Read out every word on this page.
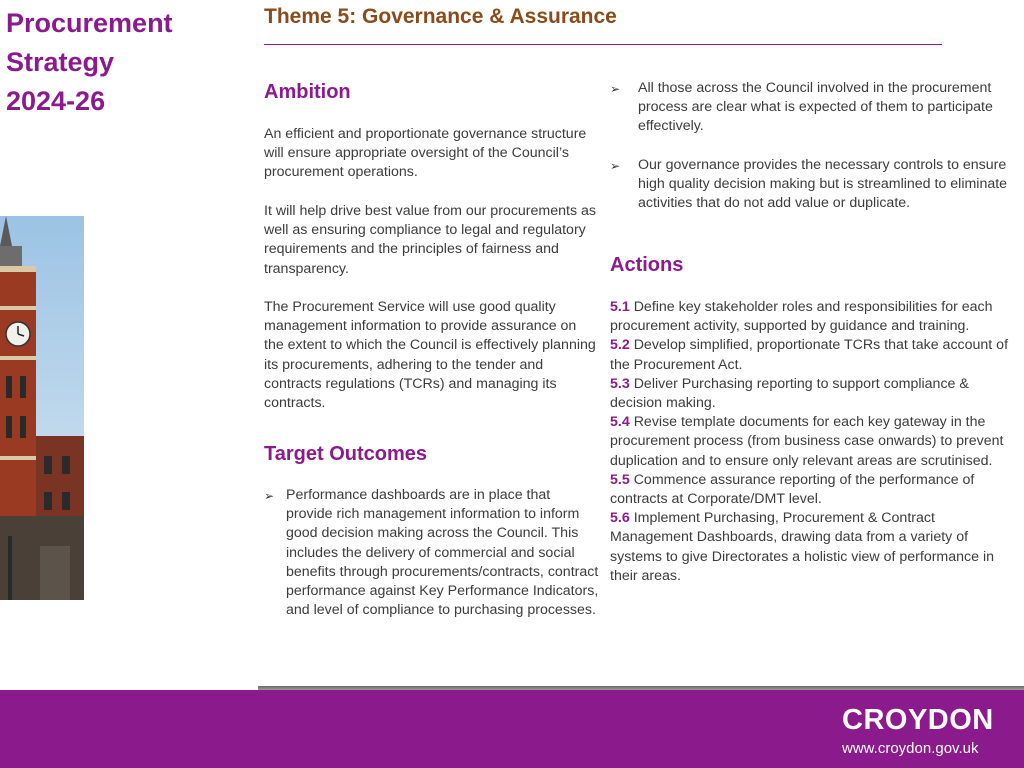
Procurement
Strategy
2024-26
Theme 5: Governance & Assurance
Ambition
An efficient and proportionate governance structure will ensure appropriate oversight of the Council’s procurement operations.
It will help drive best value from our procurements as well as ensuring compliance to legal and regulatory requirements and the principles of fairness and transparency.
The Procurement Service will use good quality management information to provide assurance on the extent to which the Council is effectively planning its procurements, adhering to the tender and contracts regulations (TCRs) and managing its contracts.
Target Outcomes
➢ Performance dashboards are in place that provide rich management information to inform good decision making across the Council. This includes the delivery of commercial and social benefits through procurements/contracts, contract performance against Key Performance Indicators, and level of compliance to purchasing processes.
➢	All those across the Council involved in the procurement process are clear what is expected of them to participate effectively.
➢	Our governance provides the necessary controls to ensure high quality decision making but is streamlined to eliminate activities that do not add value or duplicate.
Actions
5.1 Define key stakeholder roles and responsibilities for each procurement activity, supported by guidance and training.
5.2 Develop simplified, proportionate TCRs that take account of the Procurement Act.
5.3 Deliver Purchasing reporting to support compliance & decision making.
5.4 Revise template documents for each key gateway in the procurement process (from business case onwards) to prevent duplication and to ensure only relevant areas are scrutinised.
5.5 Commence assurance reporting of the performance of contracts at Corporate/DMT level.
5.6 Implement Purchasing, Procurement & Contract Management Dashboards, drawing data from a variety of systems to give Directorates a holistic view of performance in their areas.
CROYDON
www.croydon.gov.uk
